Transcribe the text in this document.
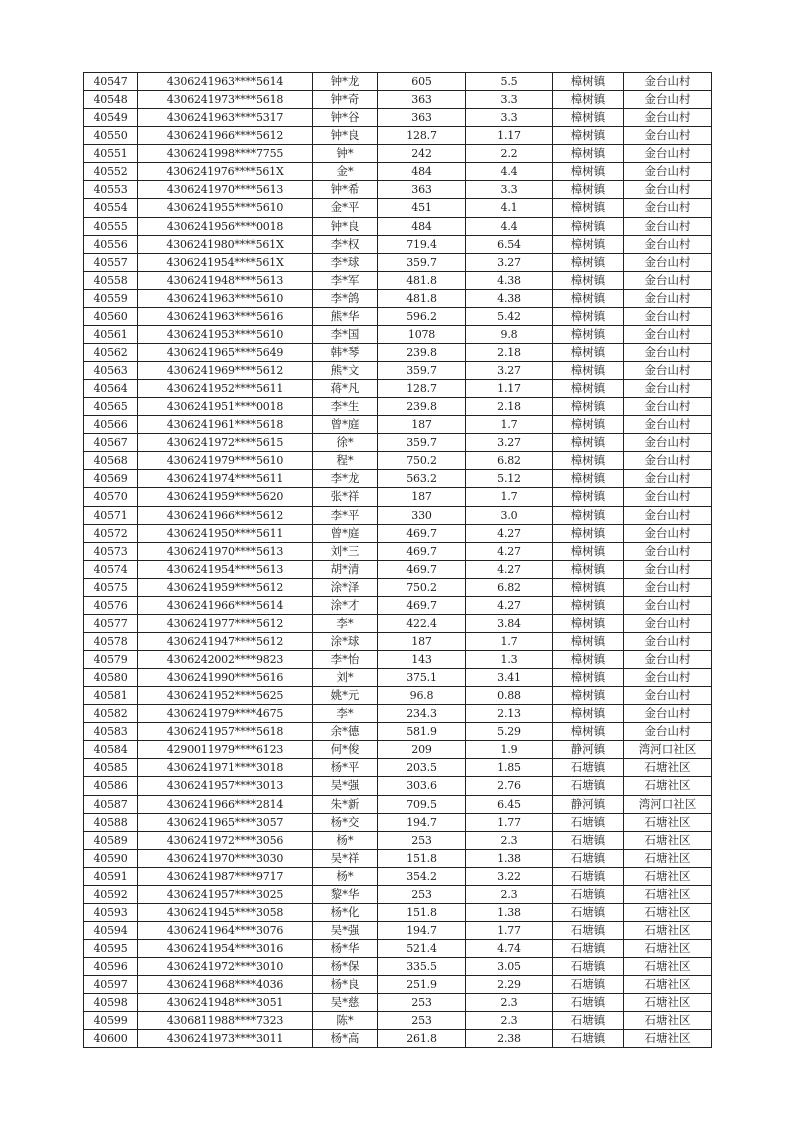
40547	4306241963****5614	钟*龙	605	5.5	樟树镇	金台山村
40548	4306241973****5618	钟*奇	363	3.3	樟树镇	金台山村
40549	4306241963****5317	钟*谷	363	3.3	樟树镇	金台山村
40550	4306241966****5612	钟*良	128.7	1.17	樟树镇	金台山村
40551	4306241998****7755	钟*	242	2.2	樟树镇	金台山村
40552	4306241976****561X	金*	484	4.4	樟树镇	金台山村
40553	4306241970****5613	钟*希	363	3.3	樟树镇	金台山村
40554	4306241955****5610	金*平	451	4.1	樟树镇	金台山村
40555	4306241956****0018	钟*良	484	4.4	樟树镇	金台山村
40556	4306241980****561X	李*权	719.4	6.54	樟树镇	金台山村
40557	4306241954****561X	李*球	359.7	3.27	樟树镇	金台山村
40558	4306241948****5613	李*军	481.8	4.38	樟树镇	金台山村
40559	4306241963****5610	李*鸽	481.8	4.38	樟树镇	金台山村
40560	4306241963****5616	熊*华	596.2	5.42	樟树镇	金台山村
40561	4306241953****5610	李*国	1078	9.8	樟树镇	金台山村
40562	4306241965****5649	韩*琴	239.8	2.18	樟树镇	金台山村
40563	4306241969****5612	熊*文	359.7	3.27	樟树镇	金台山村
40564	4306241952****5611	蒋*凡	128.7	1.17	樟树镇	金台山村
40565	4306241951****0018	李*生	239.8	2.18	樟树镇	金台山村
40566	4306241961****5618	曾*庭	187	1.7	樟树镇	金台山村
40567	4306241972****5615	徐*	359.7	3.27	樟树镇	金台山村
40568	4306241979****5610	程*	750.2	6.82	樟树镇	金台山村
40569	4306241974****5611	李*龙	563.2	5.12	樟树镇	金台山村
40570	4306241959****5620	张*祥	187	1.7	樟树镇	金台山村
40571	4306241966****5612	李*平	330	3.0	樟树镇	金台山村
40572	4306241950****5611	曾*庭	469.7	4.27	樟树镇	金台山村
40573	4306241970****5613	刘*三	469.7	4.27	樟树镇	金台山村
40574	4306241954****5613	胡*清	469.7	4.27	樟树镇	金台山村
40575	4306241959****5612	涂*泽	750.2	6.82	樟树镇	金台山村
40576	4306241966****5614	涂*才	469.7	4.27	樟树镇	金台山村
40577	4306241977****5612	李*	422.4	3.84	樟树镇	金台山村
40578	4306241947****5612	涂*球	187	1.7	樟树镇	金台山村
40579	4306242002****9823	李*怡	143	1.3	樟树镇	金台山村
40580	4306241990****5616	刘*	375.1	3.41	樟树镇	金台山村
40581	4306241952****5625	姚*元	96.8	0.88	樟树镇	金台山村
40582	4306241979****4675	李*	234.3	2.13	樟树镇	金台山村
40583	4306241957****5618	余*德	581.9	5.29	樟树镇	金台山村
40584	4290011979****6123	何*俊	209	1.9	静河镇	湾河口社区
40585	4306241971****3018	杨*平	203.5	1.85	石塘镇	石塘社区
40586	4306241957****3013	吴*强	303.6	2.76	石塘镇	石塘社区
40587	4306241966****2814	朱*新	709.5	6.45	静河镇	湾河口社区
40588	4306241965****3057	杨*交	194.7	1.77	石塘镇	石塘社区
40589	4306241972****3056	杨*	253	2.3	石塘镇	石塘社区
40590	4306241970****3030	吴*祥	151.8	1.38	石塘镇	石塘社区
40591	4306241987****9717	杨*	354.2	3.22	石塘镇	石塘社区
40592	4306241957****3025	黎*华	253	2.3	石塘镇	石塘社区
40593	4306241945****3058	杨*化	151.8	1.38	石塘镇	石塘社区
40594	4306241964****3076	吴*强	194.7	1.77	石塘镇	石塘社区
40595	4306241954****3016	杨*华	521.4	4.74	石塘镇	石塘社区
40596	4306241972****3010	杨*保	335.5	3.05	石塘镇	石塘社区
40597	4306241968****4036	杨*良	251.9	2.29	石塘镇	石塘社区
40598	4306241948****3051	吴*慈	253	2.3	石塘镇	石塘社区
40599	4306811988****7323	陈*	253	2.3	石塘镇	石塘社区
40600	4306241973****3011	杨*高	261.8	2.38	石塘镇	石塘社区
